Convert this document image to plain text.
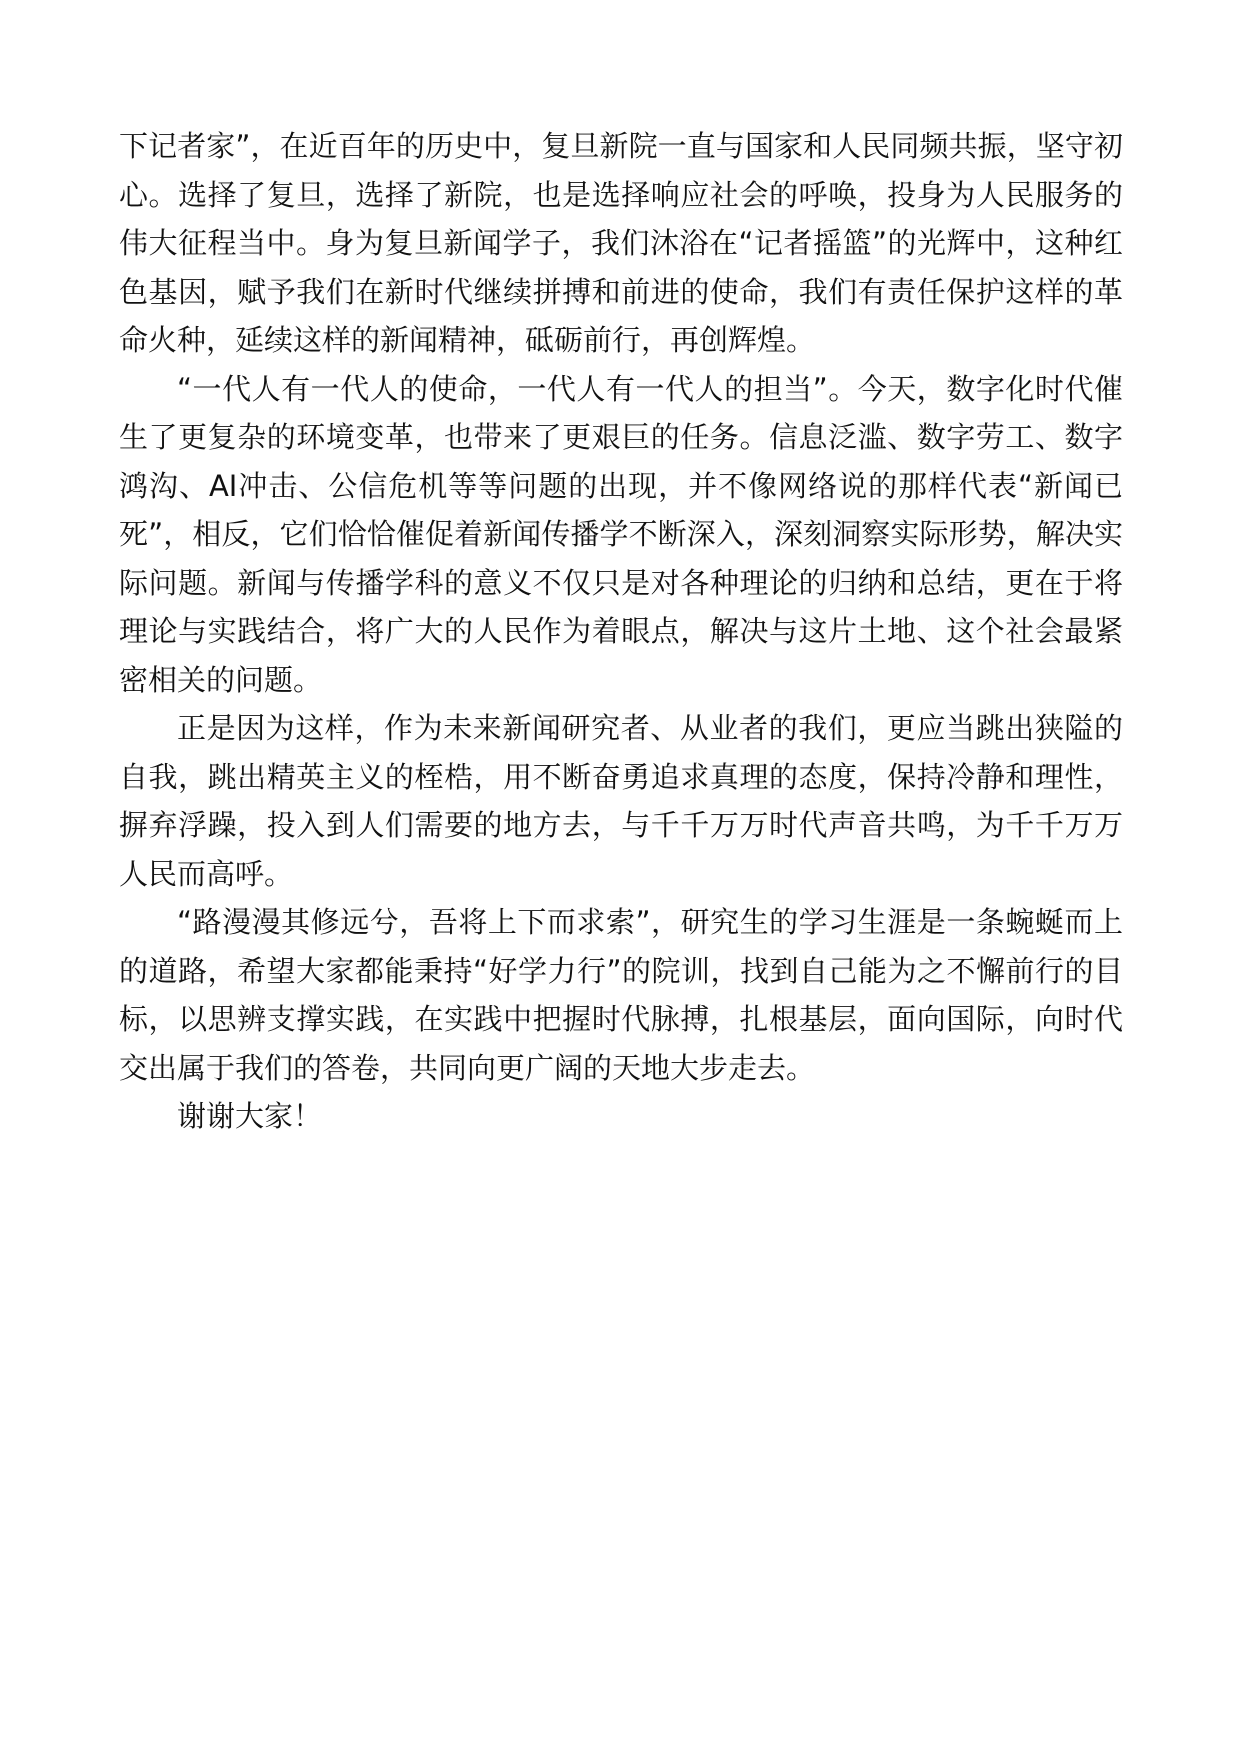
下记者家”，在近百年的历史中，复旦新院一直与国家和人民同频共振，坚守初心。选择了复旦，选择了新院，也是选择响应社会的呼唤，投身为人民服务的伟大征程当中。身为复旦新闻学子，我们沐浴在“记者摇篮”的光辉中，这种红色基因，赋予我们在新时代继续拼搏和前进的使命，我们有责任保护这样的革命火种，延续这样的新闻精神，砥砺前行，再创辉煌。

“一代人有一代人的使命，一代人有一代人的担当”。今天，数字化时代催生了更复杂的环境变革，也带来了更艰巨的任务。信息泛滥、数字劳工、数字鸿沟、AI冲击、公信危机等等问题的出现，并不像网络说的那样代表“新闻已死”，相反，它们恰恰催促着新闻传播学不断深入，深刻洞察实际形势，解决实际问题。新闻与传播学科的意义不仅只是对各种理论的归纳和总结，更在于将理论与实践结合，将广大的人民作为着眼点，解决与这片土地、这个社会最紧密相关的问题。

正是因为这样，作为未来新闻研究者、从业者的我们，更应当跳出狭隘的自我，跳出精英主义的桎梏，用不断奋勇追求真理的态度，保持冷静和理性，摒弃浮躁，投入到人们需要的地方去，与千千万万时代声音共鸣，为千千万万人民而高呼。

“路漫漫其修远兮，吾将上下而求索”，研究生的学习生涯是一条蜿蜒而上的道路，希望大家都能秉持“好学力行”的院训，找到自己能为之不懈前行的目标，以思辨支撑实践，在实践中把握时代脉搏，扎根基层，面向国际，向时代交出属于我们的答卷，共同向更广阔的天地大步走去。

谢谢大家！
